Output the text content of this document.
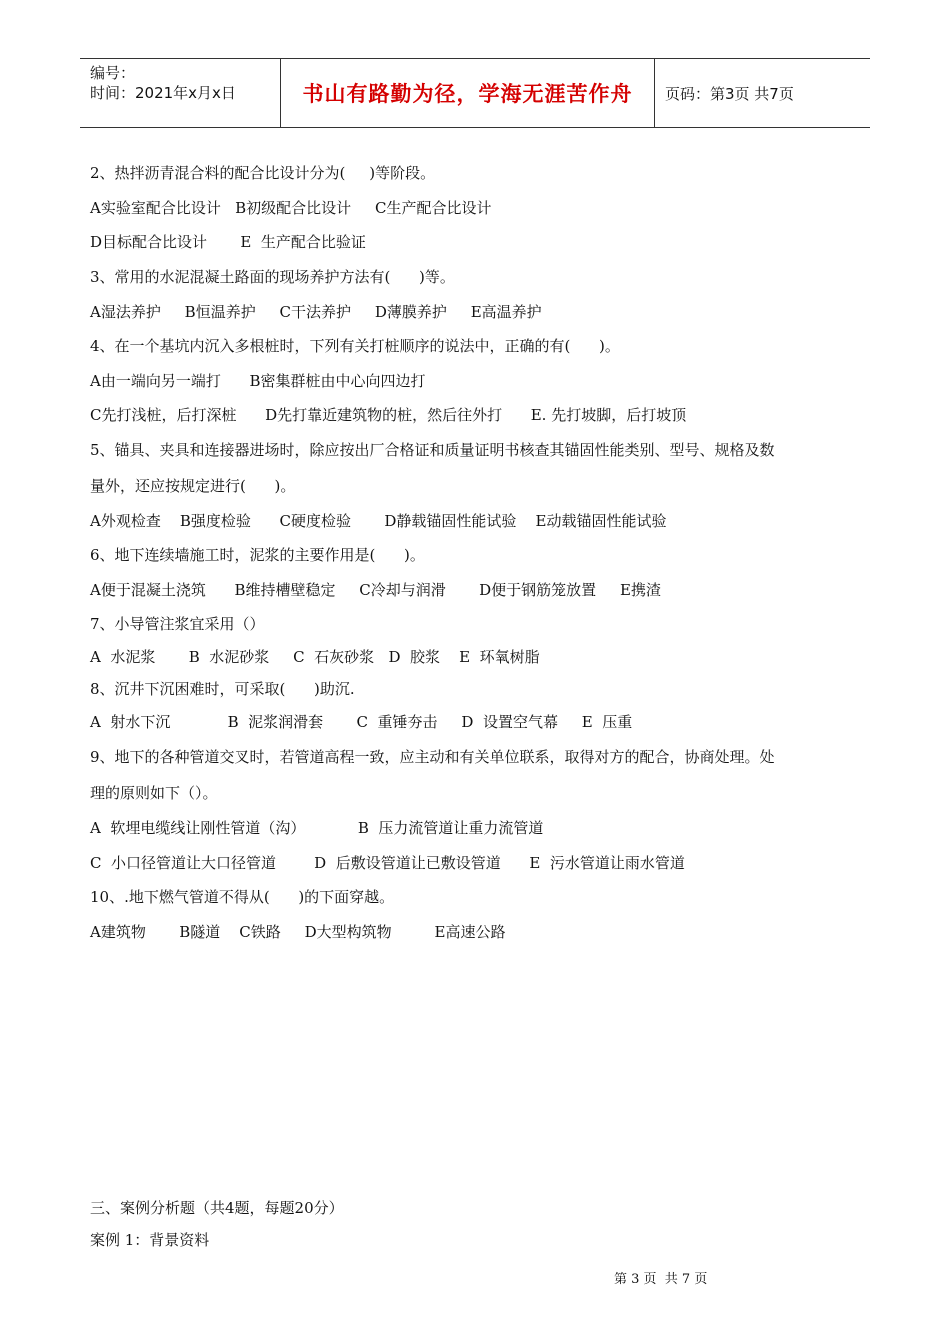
编号：
时间：2021年x月x日	书山有路勤为径，学海无涯苦作舟	页码：第3页 共7页
2、热拌沥青混合料的配合比设计分为(     )等阶段。
A实验室配合比设计   B初级配合比设计     C生产配合比设计
D目标配合比设计       E  生产配合比验证
3、常用的水泥混凝土路面的现场养护方法有(      )等。
A湿法养护     B恒温养护     C干法养护     D薄膜养护     E高温养护
4、在一个基坑内沉入多根桩时，下列有关打桩顺序的说法中，正确的有(      )。
A由一端向另一端打      B密集群桩由中心向四边打
C先打浅桩，后打深桩      D先打靠近建筑物的桩，然后往外打      E. 先打坡脚，后打坡顶
5、锚具、夹具和连接器进场时，除应按出厂合格证和质量证明书核查其锚固性能类别、型号、规格及数
量外，还应按规定进行(      )。
A外观检查    B强度检验      C硬度检验       D静载锚固性能试验    E动载锚固性能试验
6、地下连续墙施工时，泥浆的主要作用是(      )。
A便于混凝土浇筑      B维持槽壁稳定     C冷却与润滑       D便于钢筋笼放置     E携渣
7、小导管注浆宜采用（）
A  水泥浆       B  水泥砂浆     C  石灰砂浆   D  胶浆    E  环氧树脂
8、沉井下沉困难时，可采取(      )助沉.
A  射水下沉            B  泥浆润滑套       C  重锤夯击     D  设置空气幕     E  压重
9、地下的各种管道交叉时，若管道高程一致，应主动和有关单位联系，取得对方的配合，协商处理。处
理的原则如下（）。
A  软埋电缆线让刚性管道（沟）           B  压力流管道让重力流管道
C  小口径管道让大口径管道        D  后敷设管道让已敷设管道      E  污水管道让雨水管道
10、.地下燃气管道不得从(      )的下面穿越。
A建筑物       B隧道    C铁路     D大型构筑物         E高速公路
三、案例分析题（共4题，每题20分）
案例 1：背景资料
第 3 页  共 7 页
